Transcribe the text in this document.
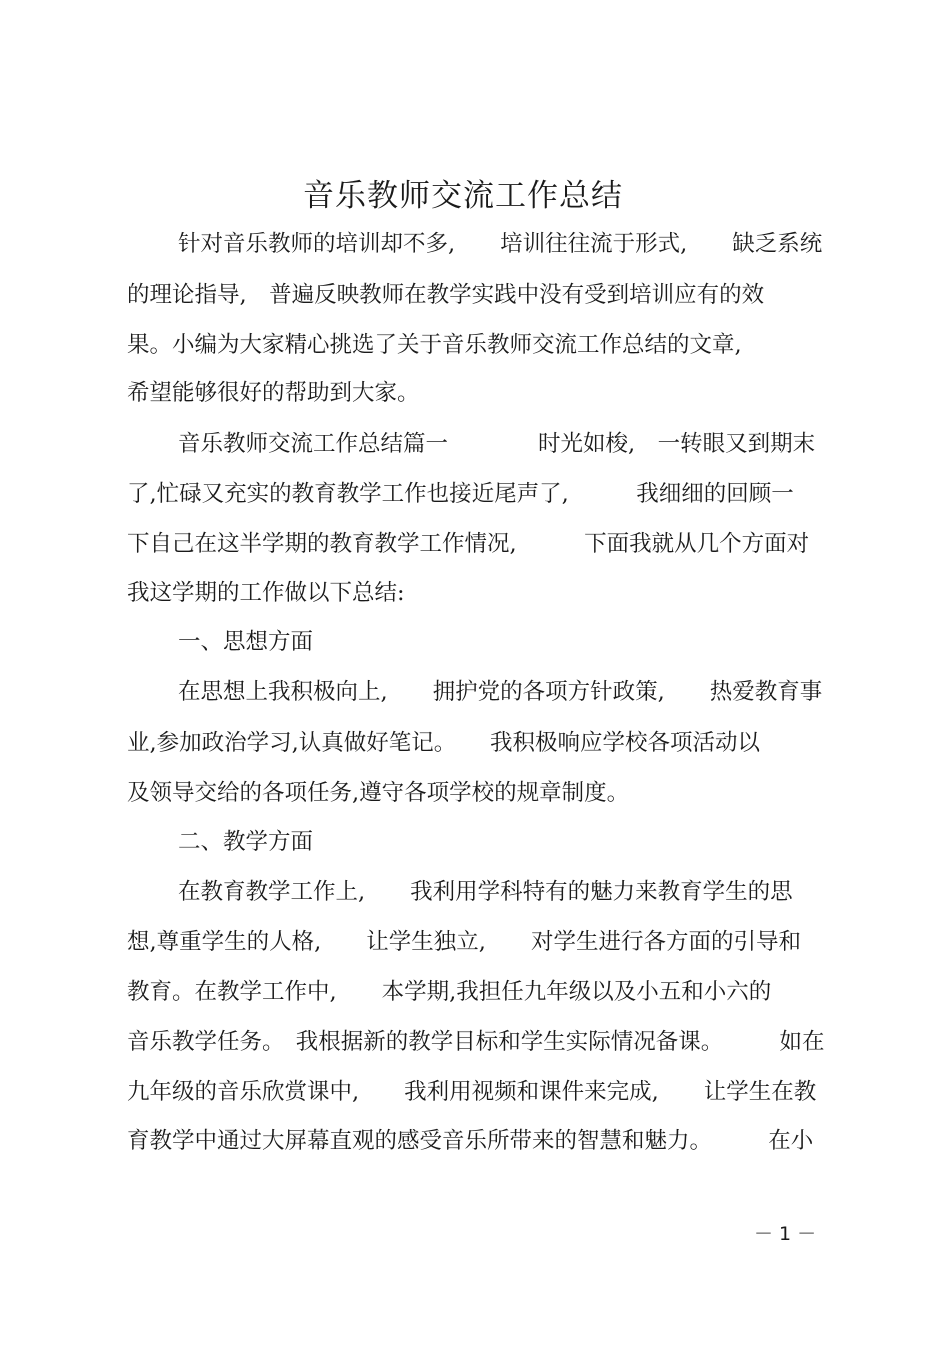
音乐教师交流工作总结
针对音乐教师的培训却不多,　　培训往往流于形式,　　缺乏系统
的理论指导,　普遍反映教师在教学实践中没有受到培训应有的效
果。小编为大家精心挑选了关于音乐教师交流工作总结的文章,
希望能够很好的帮助到大家。
音乐教师交流工作总结篇一　　　　时光如梭,　一转眼又到期末
了,忙碌又充实的教育教学工作也接近尾声了,　　　我细细的回顾一
下自己在这半学期的教育教学工作情况,　　　下面我就从几个方面对
我这学期的工作做以下总结:
一、思想方面
在思想上我积极向上,　　拥护党的各项方针政策,　　热爱教育事
业,参加政治学习,认真做好笔记。　　我积极响应学校各项活动以
及领导交给的各项任务,遵守各项学校的规章制度。
二、教学方面
在教育教学工作上,　　我利用学科特有的魅力来教育学生的思
想,尊重学生的人格,　　让学生独立,　　对学生进行各方面的引导和
教育。在教学工作中,　　本学期,我担任九年级以及小五和小六的
音乐教学任务。　我根据新的教学目标和学生实际情况备课。　　　如在
九年级的音乐欣赏课中,　　我利用视频和课件来完成,　　让学生在教
育教学中通过大屏幕直观的感受音乐所带来的智慧和魅力。　　　在小
－ 1 －
